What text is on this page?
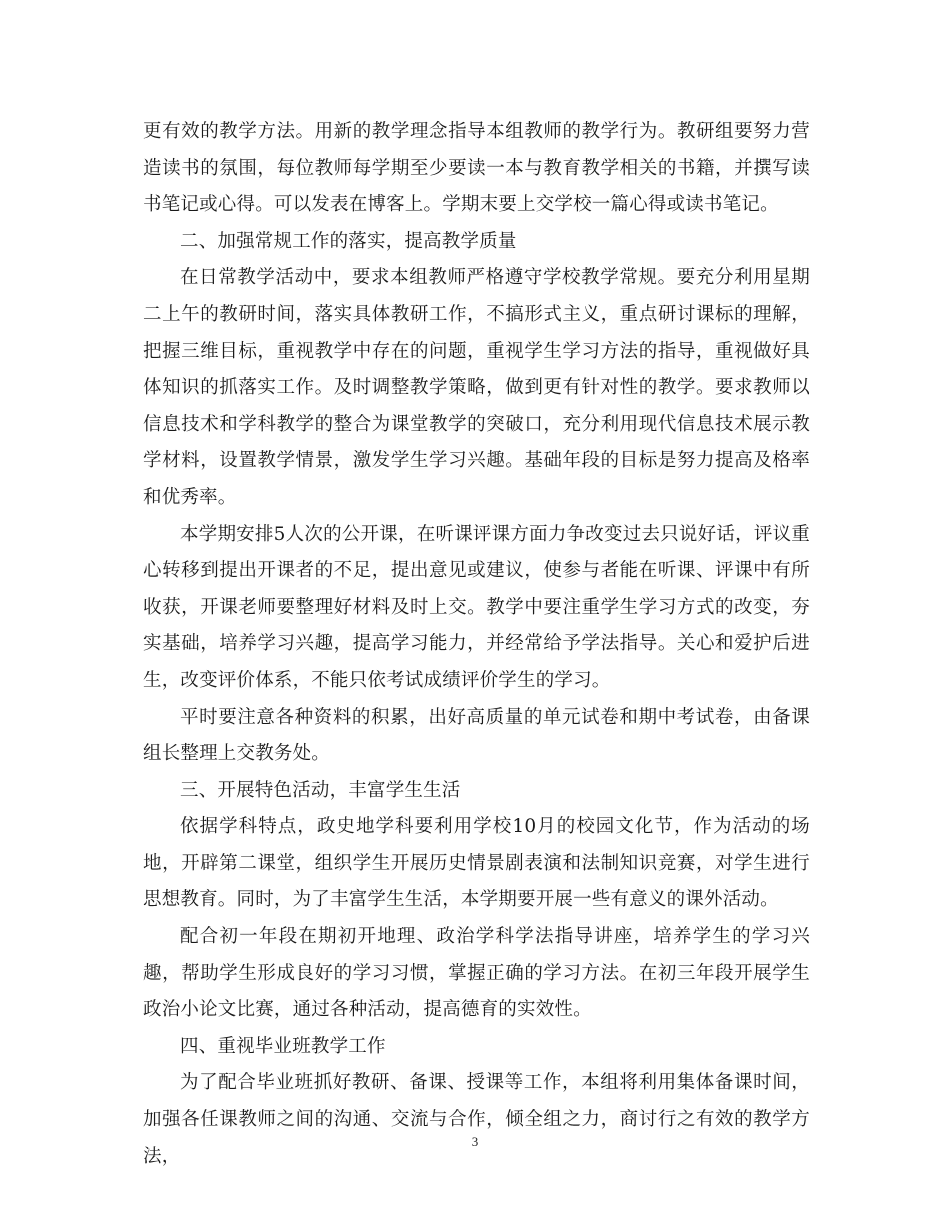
更有效的教学方法。用新的教学理念指导本组教师的教学行为。教研组要努力营造读书的氛围，每位教师每学期至少要读一本与教育教学相关的书籍，并撰写读书笔记或心得。可以发表在博客上。学期末要上交学校一篇心得或读书笔记。

二、加强常规工作的落实，提高教学质量

在日常教学活动中，要求本组教师严格遵守学校教学常规。要充分利用星期二上午的教研时间，落实具体教研工作，不搞形式主义，重点研讨课标的理解，把握三维目标，重视教学中存在的问题，重视学生学习方法的指导，重视做好具体知识的抓落实工作。及时调整教学策略，做到更有针对性的教学。要求教师以信息技术和学科教学的整合为课堂教学的突破口，充分利用现代信息技术展示教学材料，设置教学情景，激发学生学习兴趣。基础年段的目标是努力提高及格率和优秀率。

本学期安排5人次的公开课，在听课评课方面力争改变过去只说好话，评议重心转移到提出开课者的不足，提出意见或建议，使参与者能在听课、评课中有所收获，开课老师要整理好材料及时上交。教学中要注重学生学习方式的改变，夯实基础，培养学习兴趣，提高学习能力，并经常给予学法指导。关心和爱护后进生，改变评价体系，不能只依考试成绩评价学生的学习。

平时要注意各种资料的积累，出好高质量的单元试卷和期中考试卷，由备课组长整理上交教务处。

三、开展特色活动，丰富学生生活

依据学科特点，政史地学科要利用学校10月的校园文化节，作为活动的场地，开辟第二课堂，组织学生开展历史情景剧表演和法制知识竞赛，对学生进行思想教育。同时，为了丰富学生生活，本学期要开展一些有意义的课外活动。

配合初一年段在期初开地理、政治学科学法指导讲座，培养学生的学习兴趣，帮助学生形成良好的学习习惯，掌握正确的学习方法。在初三年段开展学生政治小论文比赛，通过各种活动，提高德育的实效性。

四、重视毕业班教学工作

为了配合毕业班抓好教研、备课、授课等工作，本组将利用集体备课时间，加强各任课教师之间的沟通、交流与合作，倾全组之力，商讨行之有效的教学方法，

3
